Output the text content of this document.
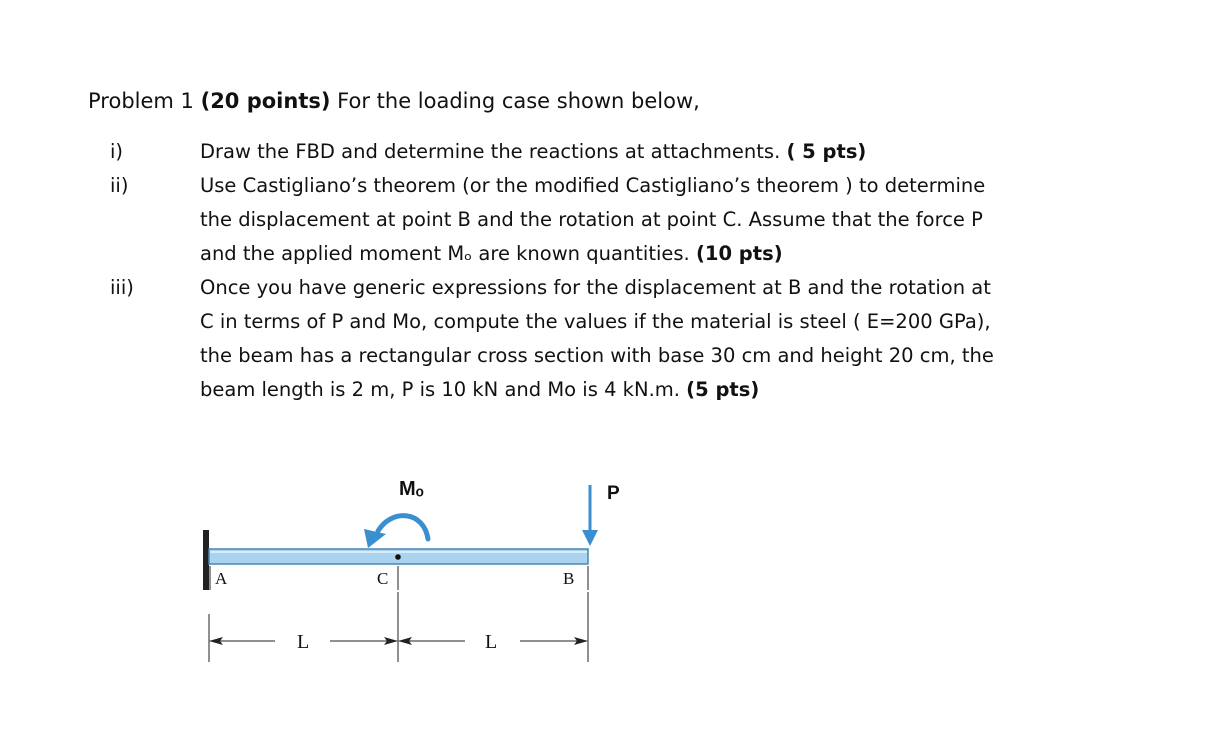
Problem 1 (20 points) For the loading case shown below,
i)	Draw the FBD and determine the reactions at attachments. ( 5 pts)
ii)	Use Castigliano’s theorem (or the modified Castigliano’s theorem ) to determine
the displacement at point B and the rotation at point C. Assume that the force P
and the applied moment Mₒ are known quantities. (10 pts)
iii)	Once you have generic expressions for the displacement at B and the rotation at
C in terms of P and Mo, compute the values if the material is steel ( E=200 GPa),
the beam has a rectangular cross section with base 30 cm and height 20 cm, the
beam length is 2 m, P is 10 kN and Mo is 4 kN.m. (5 pts)
Mₒ	P
A	C	B
L	L
